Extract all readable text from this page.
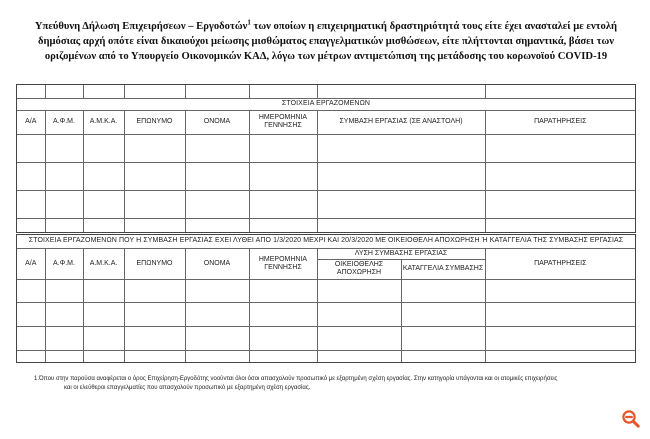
Υπεύθυνη Δήλωση Επιχειρήσεων – Εργοδοτών$^1$ των οποίων η επιχειρηματική δραστηριότητά τους είτε έχει ανασταλεί με εντολή
δημόσιας αρχή οπότε είναι δικαιούχοι μείωσης μισθώματος επαγγελματικών μισθώσεων, είτε πλήττονται σημαντικά, βάσει των
οριζομένων από το Υπουργείο Οικονομικών ΚΑΔ, λόγω των μέτρων αντιμετώπιση της μετάδοσης του κορωνοϊού COVID-19

ΣΤΟΙΧΕΙΑ ΕΡΓΑΖΟΜΕΝΩΝ							
Α/Α	Α.Φ.Μ.	Α.Μ.Κ.Α.	ΕΠΩΝΥΜΟ	ΟΝΟΜΑ	ΗΜΕΡΟΜΗΝΙΑ ΓΕΝΝΗΣΗΣ	ΣΥΜΒΑΣΗ ΕΡΓΑΣΙΑΣ (ΣΕ ΑΝΑΣΤΟΛΗ)	ΠΑΡΑΤΗΡΗΣΕΙΣ

ΣΤΟΙΧΕΙΑ ΕΡΓΑΖΟΜΕΝΩΝ ΠΟΥ Η ΣΥΜΒΑΣΗ ΕΡΓΑΣΙΑΣ ΕΧΕΙ ΛΥΘΕΙ ΑΠΟ 1/3/2020 ΜΕΧΡΙ ΚΑΙ 20/3/2020 ΜΕ ΟΙΚΕΙΟΘΕΛΗ ΑΠΟΧΩΡΗΣΗ Ή ΚΑΤΑΓΓΕΛΙΑ ΤΗΣ ΣΥΜΒΑΣΗΣ ΕΡΓΑΣΙΑΣ								
Α/Α	Α.Φ.Μ.	Α.Μ.Κ.Α.	ΕΠΩΝΥΜΟ	ΟΝΟΜΑ	ΗΜΕΡΟΜΗΝΙΑ ΓΕΝΝΗΣΗΣ	ΛΥΣΗ ΣΥΜΒΑΣΗΣ ΕΡΓΑΣΙΑΣ		ΠΑΡΑΤΗΡΗΣΕΙΣ
						ΟΙΚΕΙΟΘΕΛΗΣ ΑΠΟΧΩΡΗΣΗ	ΚΑΤΑΓΓΕΛΙΑ ΣΥΜΒΑΣΗΣ	

1.Όπου στην παρούσα αναφέρεται ο όρος Επιχείρηση-Εργοδότης νοούνται όλοι όσοι απασχολούν προσωπικό με εξαρτημένη σχέση εργασίας. Στην κατηγορία υπάγονται και οι ατομικές επιχειρήσεις
και οι ελεύθεροι επαγγελματίες που απασχολούν προσωπικό με εξαρτημένη σχέση εργασίας.
